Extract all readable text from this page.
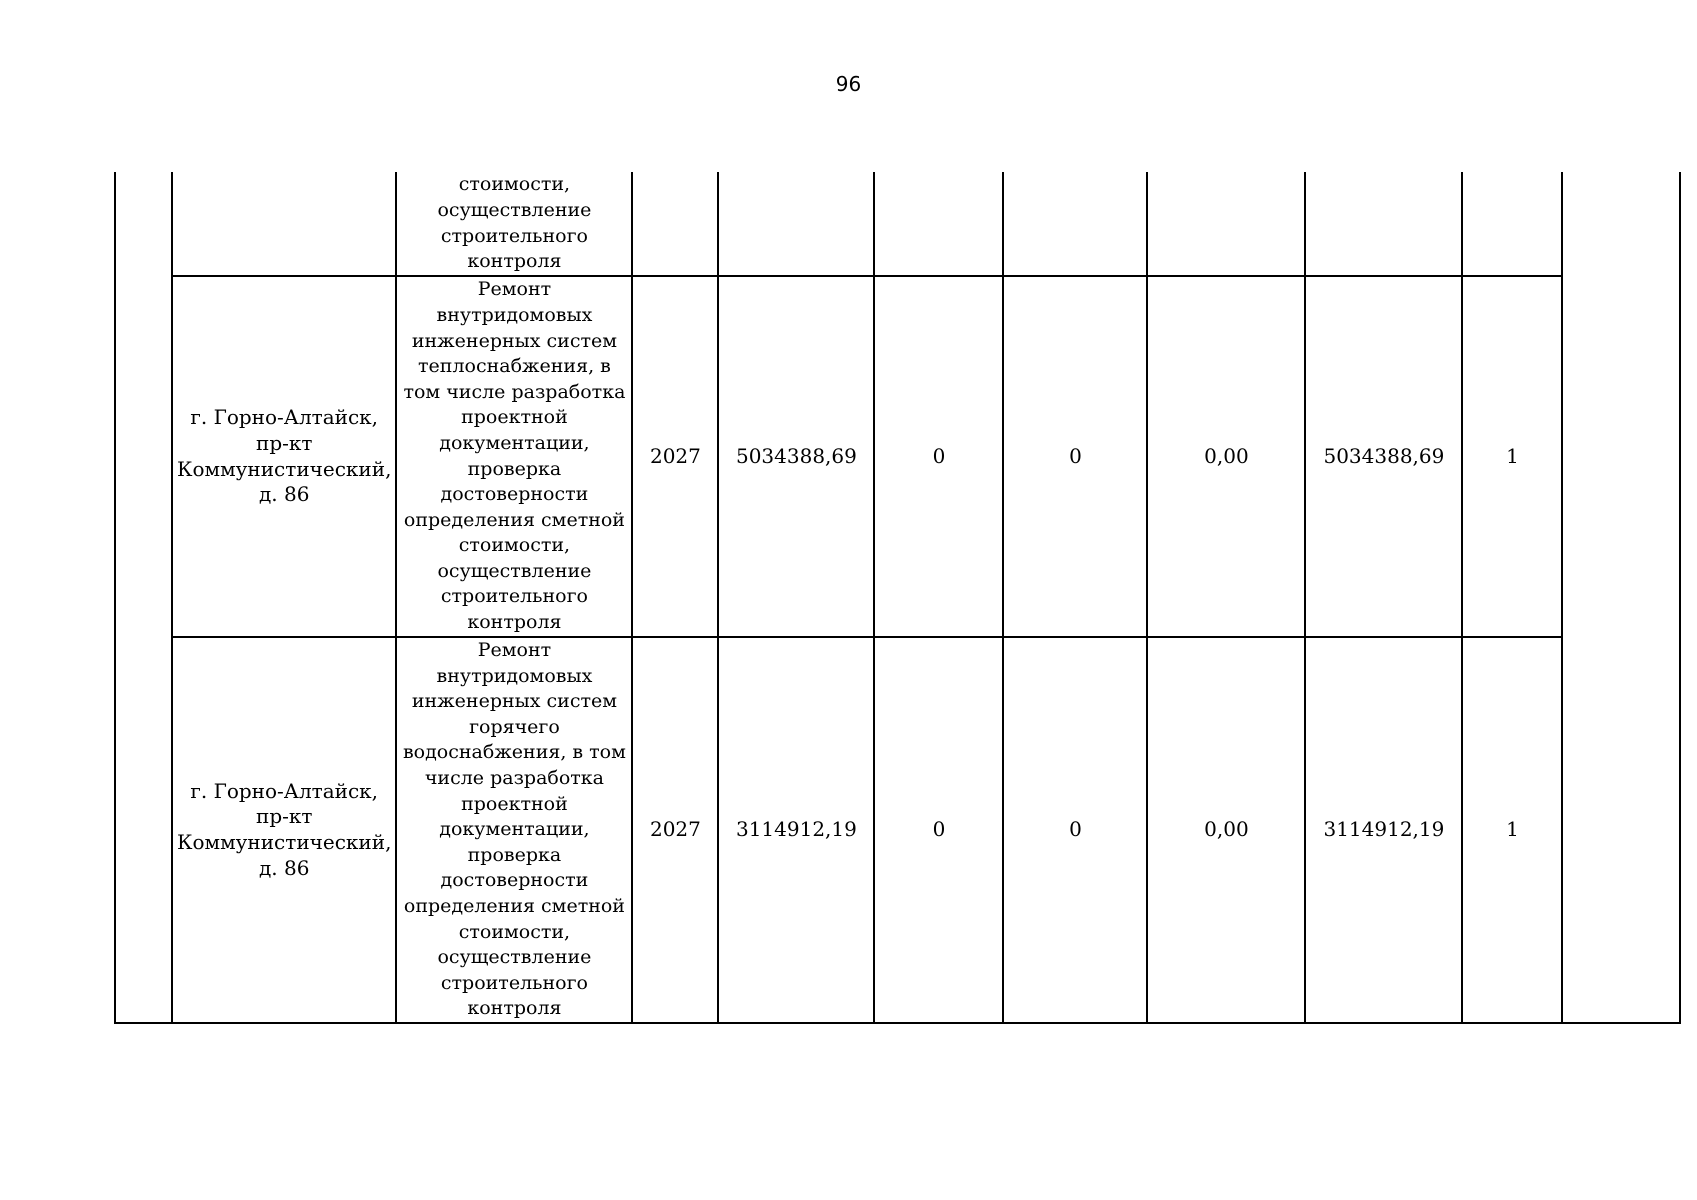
96
		стоимости, осуществление строительного контроля								
	г. Горно-Алтайск, пр-кт Коммунистический, д. 86	Ремонт внутридомовых инженерных систем теплоснабжения, в том числе разработка проектной документации, проверка достоверности определения сметной стоимости, осуществление строительного контроля	2027	5034388,69	0	0	0,00	5034388,69	1	
	г. Горно-Алтайск, пр-кт Коммунистический, д. 86	Ремонт внутридомовых инженерных систем горячего водоснабжения, в том числе разработка проектной документации, проверка достоверности определения сметной стоимости, осуществление строительного контроля	2027	3114912,19	0	0	0,00	3114912,19	1	
